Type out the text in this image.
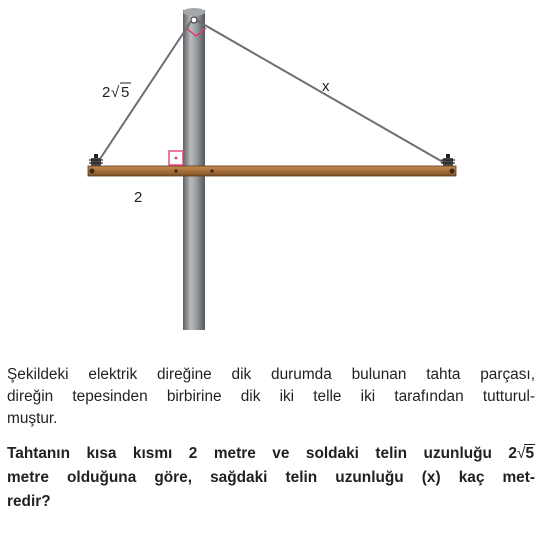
2 √ 5	x
2

Şekildeki elektrik direğine dik durumda bulunan tahta parçası,
direğin tepesinden birbirine dik iki telle iki tarafından tutturul-
muştur.

Tahtanın kısa kısmı 2 metre ve soldaki telin uzunluğu 2√5
metre olduğuna göre, sağdaki telin uzunluğu (x) kaç met-
redir?
